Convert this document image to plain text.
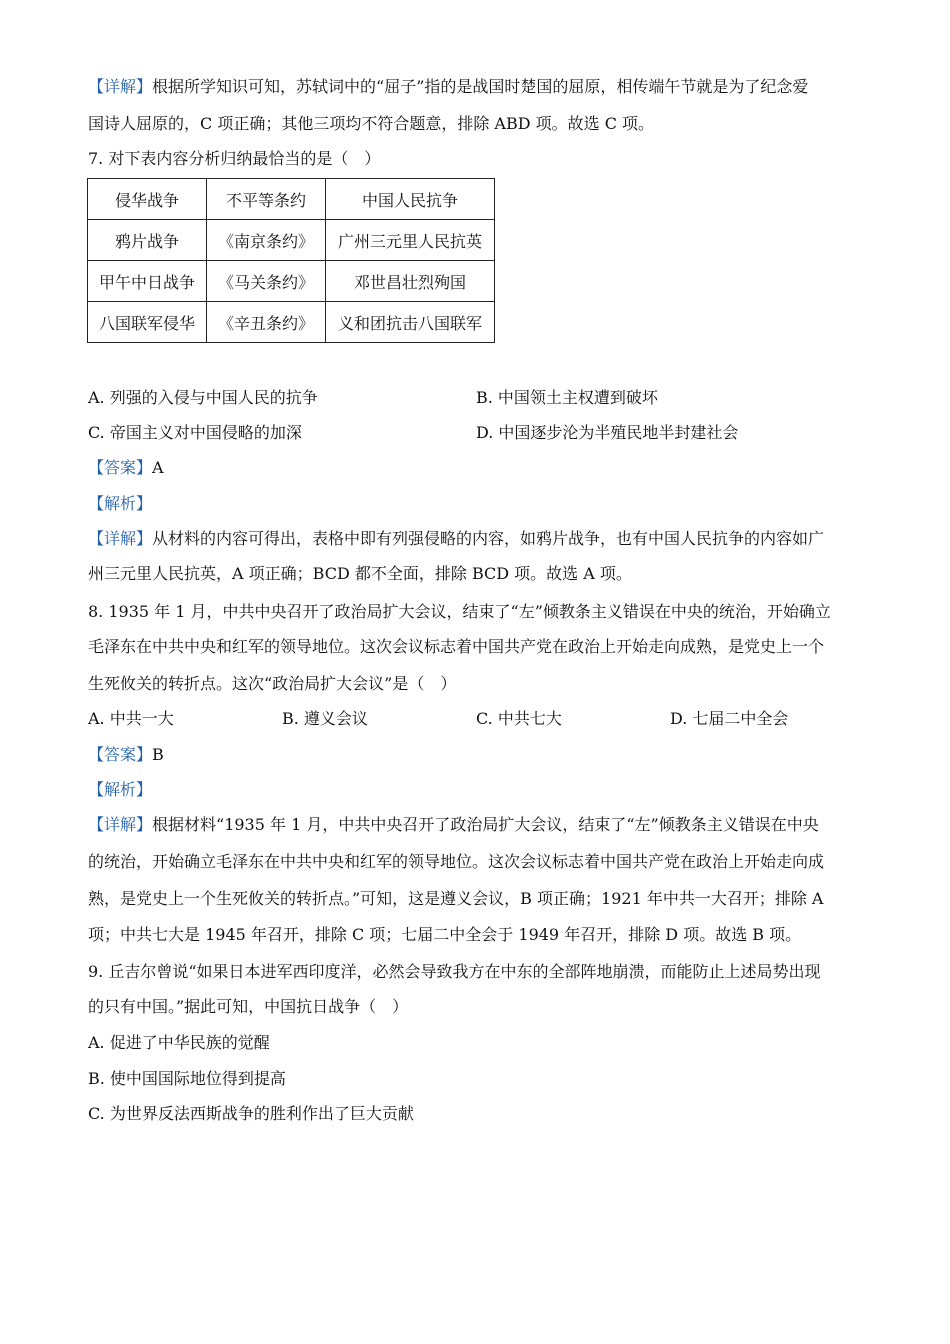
【详解】根据所学知识可知，苏轼词中的“屈子”指的是战国时楚国的屈原，相传端午节就是为了纪念爱
国诗人屈原的，C 项正确；其他三项均不符合题意，排除 ABD 项。故选 C 项。
7. 对下表内容分析归纳最恰当的是（　）
侵华战争	不平等条约	中国人民抗争
鸦片战争	《南京条约》	广州三元里人民抗英
甲午中日战争	《马关条约》	邓世昌壮烈殉国
八国联军侵华	《辛丑条约》	义和团抗击八国联军
A. 列强的入侵与中国人民的抗争	B. 中国领土主权遭到破坏
C. 帝国主义对中国侵略的加深	D. 中国逐步沦为半殖民地半封建社会
【答案】A
【解析】
【详解】从材料的内容可得出，表格中即有列强侵略的内容，如鸦片战争，也有中国人民抗争的内容如广
州三元里人民抗英，A 项正确；BCD 都不全面，排除 BCD 项。故选 A 项。
8. 1935 年 1 月，中共中央召开了政治局扩大会议，结束了“左”倾教条主义错误在中央的统治，开始确立
毛泽东在中共中央和红军的领导地位。这次会议标志着中国共产党在政治上开始走向成熟，是党史上一个
生死攸关的转折点。这次“政治局扩大会议”是（　）
A. 中共一大	B. 遵义会议	C. 中共七大	D. 七届二中全会
【答案】B
【解析】
【详解】根据材料“1935 年 1 月，中共中央召开了政治局扩大会议，结束了“左”倾教条主义错误在中央
的统治，开始确立毛泽东在中共中央和红军的领导地位。这次会议标志着中国共产党在政治上开始走向成
熟，是党史上一个生死攸关的转折点。”可知，这是遵义会议，B 项正确；1921 年中共一大召开；排除 A
项；中共七大是 1945 年召开，排除 C 项；七届二中全会于 1949 年召开，排除 D 项。故选 B 项。
9. 丘吉尔曾说“如果日本进军西印度洋，必然会导致我方在中东的全部阵地崩溃，而能防止上述局势出现
的只有中国。”据此可知，中国抗日战争（　）
A. 促进了中华民族的觉醒
B. 使中国国际地位得到提高
C. 为世界反法西斯战争的胜利作出了巨大贡献
